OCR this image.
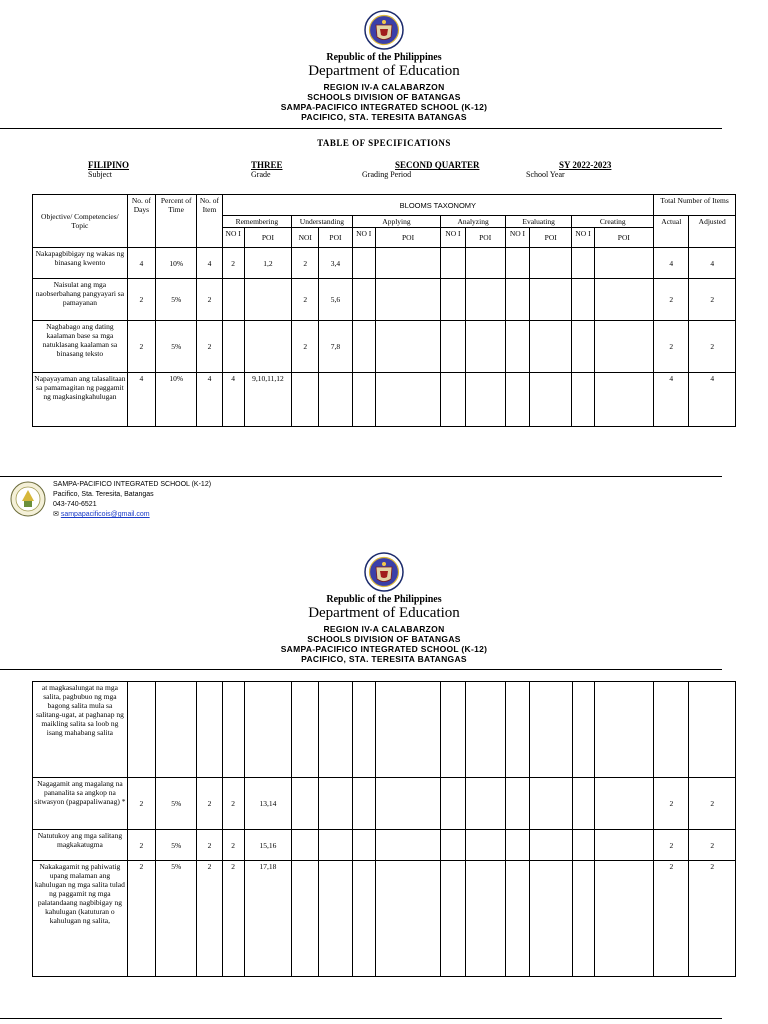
Republic of the Philippines
Department of Education
REGION IV-A CALABARZON
SCHOOLS DIVISION OF BATANGAS
SAMPA-PACIFICO INTEGRATED SCHOOL (K-12)
PACIFICO, STA. TERESITA BATANGAS
TABLE OF SPECIFICATIONS
FILIPINO
Subject
THREE
Grade
SECOND QUARTER
Grading Period
SY 2022-2023
School Year
Objective/ Competencies/ Topic	No. of Days	Percent of Time	No. of Item	BLOOMS TAXONOMY												Total Number of Items	
				Remembering		Understanding		Applying		Analyzing		Evaluating		Creating		Actual	Adjusted
				NO I	POI	NOI	POI	NO I	POI	NO I	POI	NO I	POI	NO I	POI		
Nakapagbibigay ng wakas ng binasang kwento	4	10%	4	2	1,2	2	3,4									4	4
Naisulat ang mga naobserbahang pangyayari sa pamayanan	2	5%	2			2	5,6									2	2
Nagbabago ang dating kaalaman base sa mga natuklasang kaalaman sa binasang teksto	2	5%	2			2	7,8									2	2
Napayayaman ang talasalitaan sa pamamagitan ng paggamit ng magkasingkahulugan	4	10%	4	4	9,10,11,12											4	4
SAMPA-PACIFICO INTEGRATED SCHOOL (K-12)
Pacifico, Sta. Teresita, Batangas
043-740-6521
✉ sampapacificois@gmail.com
Republic of the Philippines
Department of Education
REGION IV-A CALABARZON
SCHOOLS DIVISION OF BATANGAS
SAMPA-PACIFICO INTEGRATED SCHOOL (K-12)
PACIFICO, STA. TERESITA BATANGAS
at magkasalungat na mga salita, pagbubuo ng mga bagong salita mula sa salitang-ugat, at paghanap ng maikling salita sa loob ng isang mahabang salita																	
Nagagamit ang magalang na pananalita sa angkop na sitwasyon (pagpapaliwanag) *	2	5%	2	2	13,14											2	2
Natutukoy ang mga salitang magkakatugma	2	5%	2	2	15,16											2	2
Nakakagamit ng pahiwatig upang malaman ang kahulugan ng mga salita tulad ng paggamit ng mga palatandaang nagbibigay ng kahulugan (katuturan o kahulugan ng salita,	2	5%	2	2	17,18											2	2
